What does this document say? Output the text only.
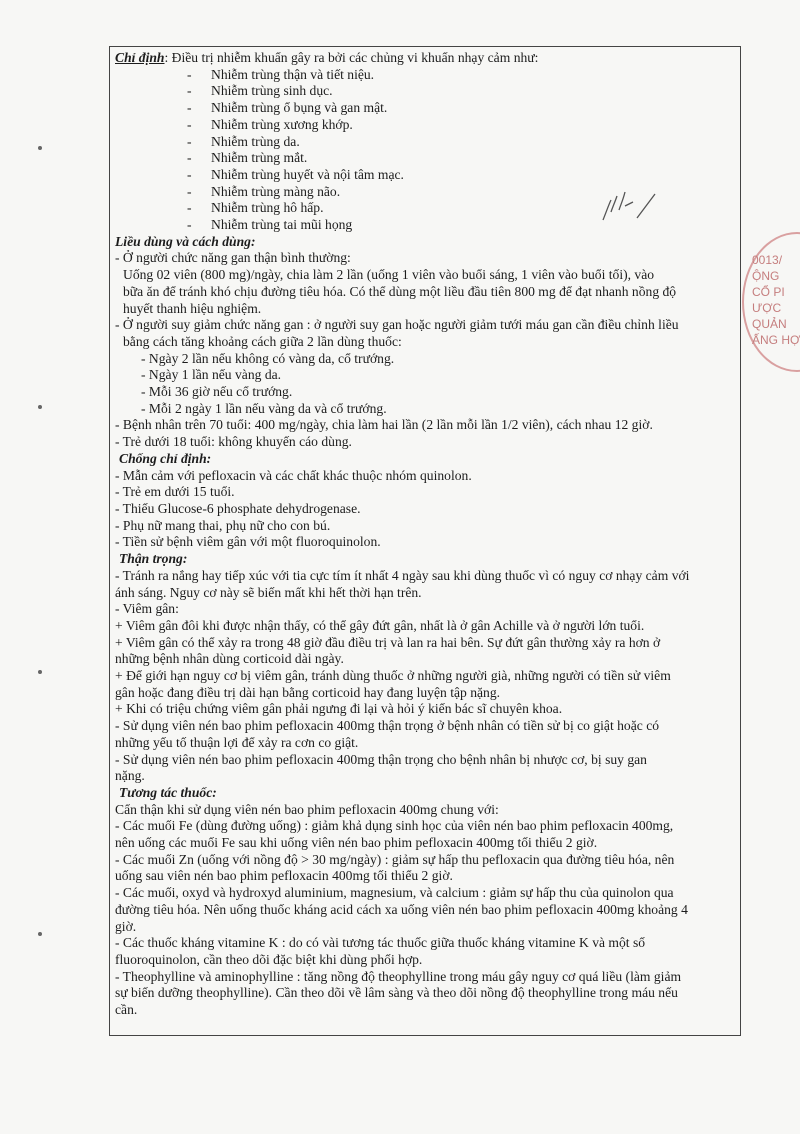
Chỉ định: Điều trị nhiễm khuẩn gây ra bởi các chủng vi khuẩn nhạy cảm như:
- Nhiễm trùng thận và tiết niệu.
- Nhiễm trùng sinh dục.
- Nhiễm trùng ổ bụng và gan mật.
- Nhiễm trùng xương khớp.
- Nhiễm trùng da.
- Nhiễm trùng mắt.
- Nhiễm trùng huyết và nội tâm mạc.
- Nhiễm trùng màng não.
- Nhiễm trùng hô hấp.
- Nhiễm trùng tai mũi họng
Liều dùng và cách dùng:
- Ở người chức năng gan thận bình thường:
Uống 02 viên (800 mg)/ngày, chia làm 2 lần (uống 1 viên vào buổi sáng, 1 viên vào buổi tối), vào
bữa ăn để tránh khó chịu đường tiêu hóa. Có thể dùng một liều đầu tiên 800 mg để đạt nhanh nồng độ
huyết thanh hiệu nghiệm.
- Ở người suy giảm chức năng gan : ở người suy gan hoặc người giảm tưới máu gan cần điều chỉnh liều
bằng cách tăng khoảng cách giữa 2 lần dùng thuốc:
- Ngày 2 lần nếu không có vàng da, cổ trướng.
- Ngày 1 lần nếu vàng da.
- Mỗi 36 giờ nếu cổ trướng.
- Mỗi 2 ngày 1 lần nếu vàng da và cổ trướng.
- Bệnh nhân trên 70 tuổi: 400 mg/ngày, chia làm hai lần (2 lần mỗi lần 1/2 viên), cách nhau 12 giờ.
- Trẻ dưới 18 tuổi: không khuyến cáo dùng.
Chống chỉ định:
- Mẫn cảm với pefloxacin và các chất khác thuộc nhóm quinolon.
- Trẻ em dưới 15 tuổi.
- Thiếu Glucose-6 phosphate dehydrogenase.
- Phụ nữ mang thai, phụ nữ cho con bú.
- Tiền sử bệnh viêm gân với một fluoroquinolon.
Thận trọng:
- Tránh ra nắng hay tiếp xúc với tia cực tím ít nhất 4 ngày sau khi dùng thuốc vì có nguy cơ nhạy cảm với
ánh sáng. Nguy cơ này sẽ biến mất khi hết thời hạn trên.
- Viêm gân:
+ Viêm gân đôi khi được nhận thấy, có thể gây đứt gân, nhất là ở gân Achille và ở người lớn tuổi.
+ Viêm gân có thể xảy ra trong 48 giờ đầu điều trị và lan ra hai bên. Sự đứt gân thường xảy ra hơn ở
những bệnh nhân dùng corticoid dài ngày.
+ Để giới hạn nguy cơ bị viêm gân, tránh dùng thuốc ở những người già, những người có tiền sử viêm
gân hoặc đang điều trị dài hạn bằng corticoid hay đang luyện tập nặng.
+ Khi có triệu chứng viêm gân phải ngưng đi lại và hỏi ý kiến bác sĩ chuyên khoa.
- Sử dụng viên nén bao phim pefloxacin 400mg thận trọng ở bệnh nhân có tiền sử bị co giật hoặc có
những yếu tố thuận lợi để xảy ra cơn co giật.
- Sử dụng viên nén bao phim pefloxacin 400mg thận trọng cho bệnh nhân bị nhược cơ, bị suy gan
nặng.
Tương tác thuốc:
Cẩn thận khi sử dụng viên nén bao phim pefloxacin 400mg chung với:
- Các muối Fe (dùng đường uống) : giảm khả dụng sinh học của viên nén bao phim pefloxacin 400mg,
nên uống các muối Fe sau khi uống viên nén bao phim pefloxacin 400mg tối thiểu 2 giờ.
- Các muối Zn (uống với nồng độ > 30 mg/ngày) : giảm sự hấp thu pefloxacin qua đường tiêu hóa, nên
uống sau viên nén bao phim pefloxacin 400mg tối thiểu 2 giờ.
- Các muối, oxyd và hydroxyd aluminium, magnesium, và calcium : giảm sự hấp thu của quinolon qua
đường tiêu hóa. Nên uống thuốc kháng acid cách xa uống viên nén bao phim pefloxacin 400mg khoảng 4
giờ.
- Các thuốc kháng vitamine K : do có vài tương tác thuốc giữa thuốc kháng vitamine K và một số
fluoroquinolon, cần theo dõi đặc biệt khi dùng phối hợp.
- Theophylline và aminophylline : tăng nồng độ theophylline trong máu gây nguy cơ quá liều (làm giảm
sự biến dưỡng theophylline). Cần theo dõi về lâm sàng và theo dõi nồng độ theophylline trong máu nếu
cần.
0013/
ỘNG
CỔ PI
ƯỢC
QUẢN
ẤNG HỢ
